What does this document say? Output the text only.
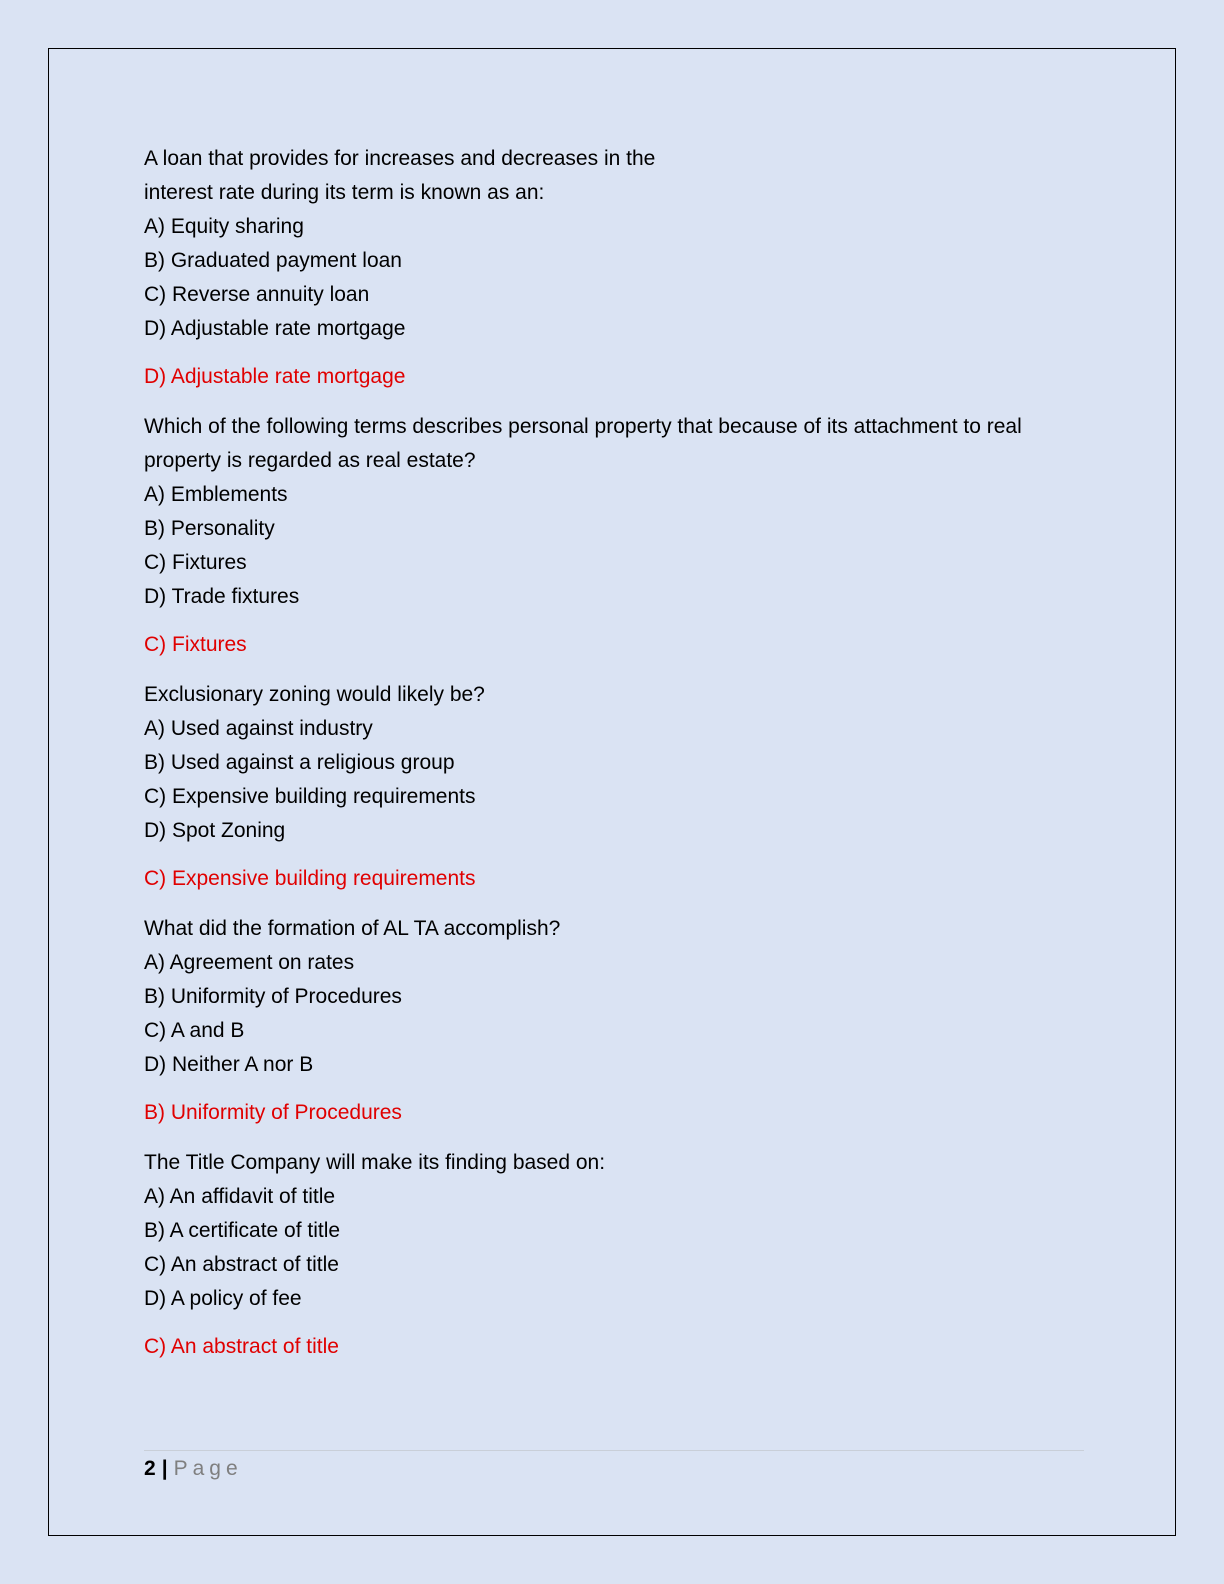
A loan that provides for increases and decreases in the
interest rate during its term is known as an:
A) Equity sharing
B) Graduated payment loan
C) Reverse annuity loan
D) Adjustable rate mortgage
D) Adjustable rate mortgage
Which of the following terms describes personal property that because of its attachment to real
property is regarded as real estate?
A) Emblements
B) Personality
C) Fixtures
D) Trade fixtures
C) Fixtures
Exclusionary zoning would likely be?
A) Used against industry
B) Used against a religious group
C) Expensive building requirements
D) Spot Zoning
C) Expensive building requirements
What did the formation of AL TA accomplish?
A) Agreement on rates
B) Uniformity of Procedures
C) A and B
D) Neither A nor B
B) Uniformity of Procedures
The Title Company will make its finding based on:
A) An affidavit of title
B) A certificate of title
C) An abstract of title
D) A policy of fee
C) An abstract of title
2 | Page
